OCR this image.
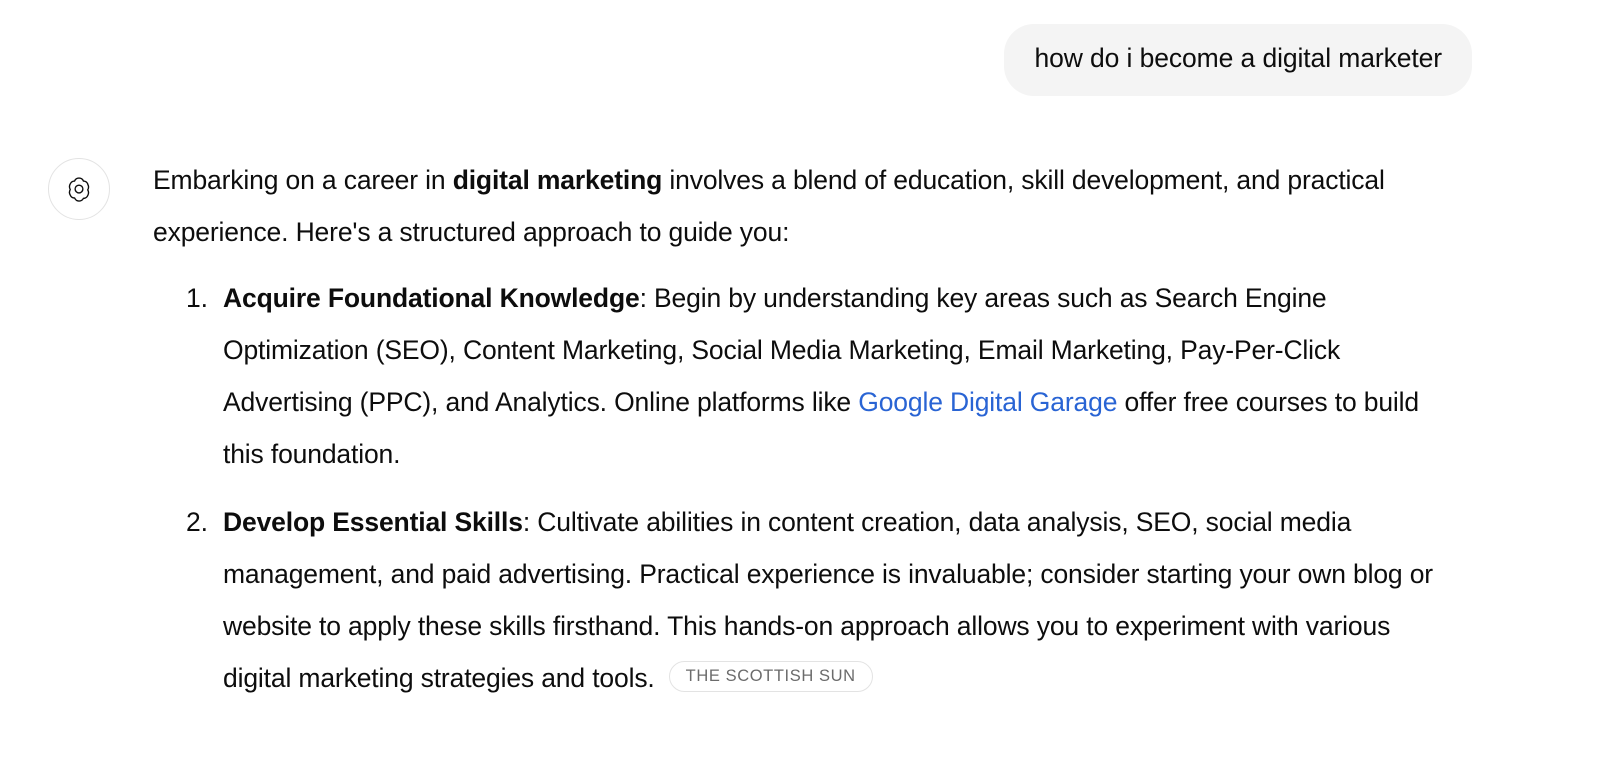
how do i become a digital marketer

Embarking on a career in digital marketing involves a blend of education, skill development, and practical experience. Here's a structured approach to guide you:

1. Acquire Foundational Knowledge: Begin by understanding key areas such as Search Engine Optimization (SEO), Content Marketing, Social Media Marketing, Email Marketing, Pay-Per-Click Advertising (PPC), and Analytics. Online platforms like Google Digital Garage offer free courses to build this foundation.
2. Develop Essential Skills: Cultivate abilities in content creation, data analysis, SEO, social media management, and paid advertising. Practical experience is invaluable; consider starting your own blog or website to apply these skills firsthand. This hands-on approach allows you to experiment with various digital marketing strategies and tools. THE SCOTTISH SUN
